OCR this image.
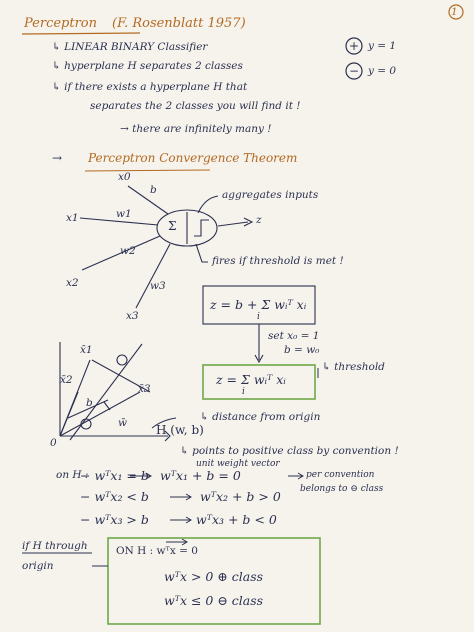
1
Perceptron (F. Rosenblatt 1957)
↳ LINEAR BINARY Classifier
↳ hyperplane H separates 2 classes
↳ if there exists a hyperplane H that
separates the 2 classes you will find it !
→ there are infinitely many !
+
−
y = 1
y = 0
→ Perceptron Convergence Theorem
x0
b	aggregates inputs
x1	w1
Σ	z
w2
fires if threshold is met !
x2	w3
x3
z = b + Σ wᵢᵀ xᵢ
i
set x₀ = 1
b = w₀
↳ threshold
z = Σ wᵢᵀ xᵢ
i
x̄1
x̄2
x̄3
b
w̄
0
H (w, b)
↳ distance from origin
↳ points to positive class by convention !
unit weight vector
on H :
− wᵀx₁ = b wᵀx₁ + b = 0	per convention
belongs to ⊖ class
− wᵀx₂ < b	wᵀx₂ + b > 0
− wᵀx₃ > b	wᵀx₃ + b < 0
if H through
origin
ON H : wᵀx = 0
wᵀx > 0 ⊕ class
wᵀx ≤ 0 ⊖ class
